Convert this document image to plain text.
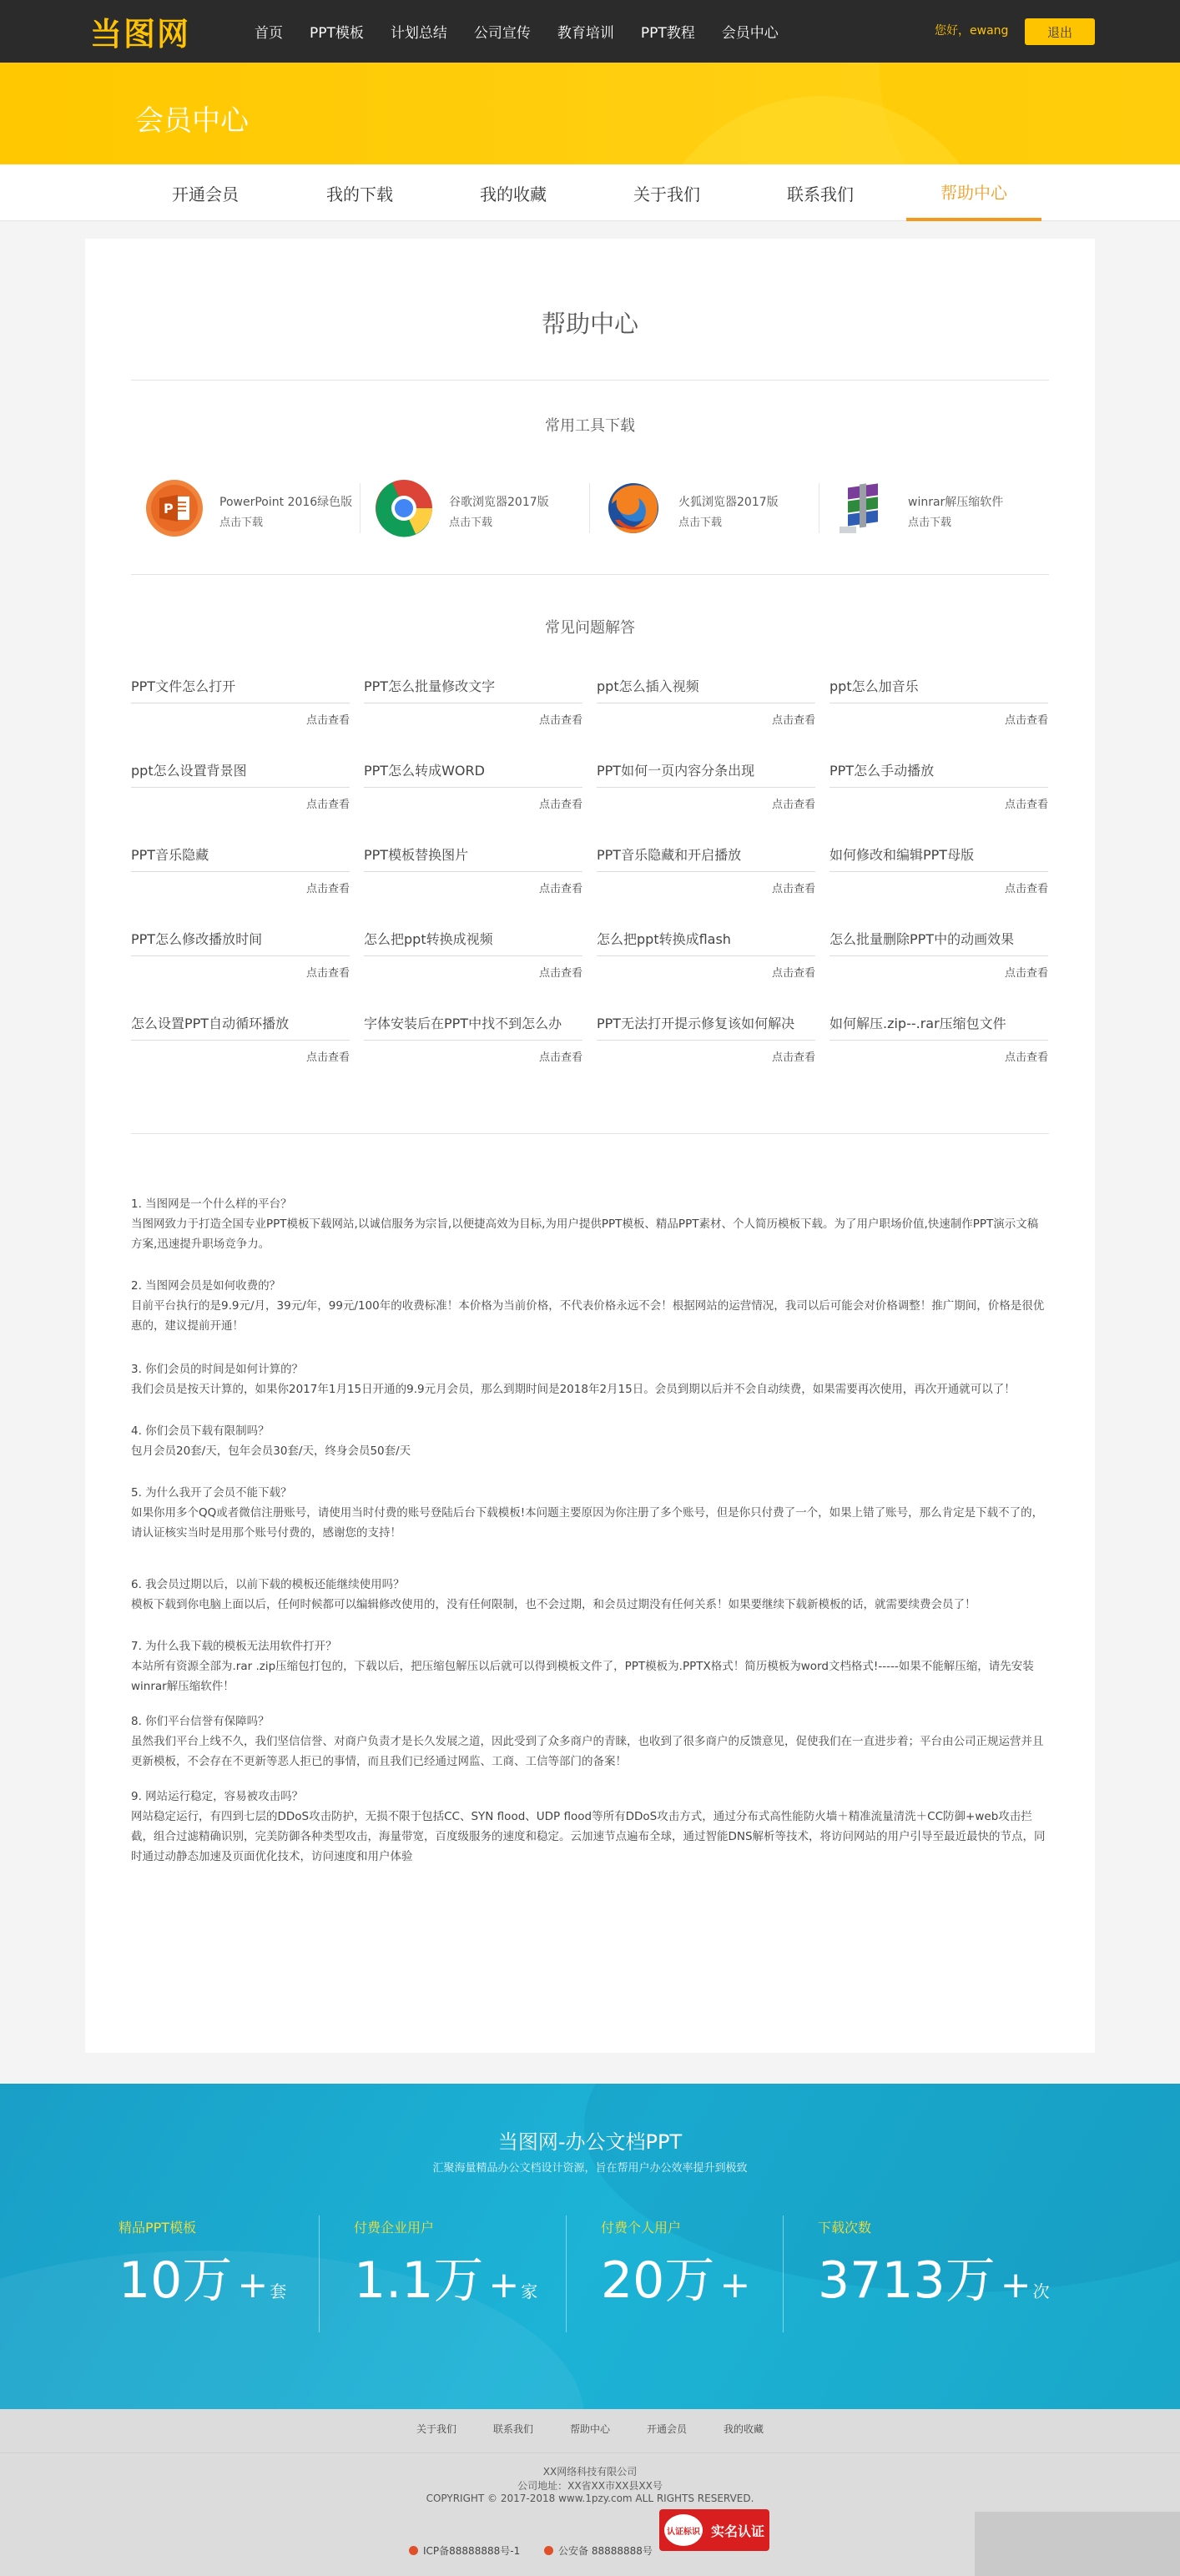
当图网	首页 PPT模板 计划总结 公司宣传 教育培训 PPT教程 会员中心	您好，ewang	退出
会员中心
开通会员	我的下载	我的收藏	关于我们	联系我们	帮助中心
帮助中心
常用工具下载
P	PowerPoint 2016绿色版
点击下载
谷歌浏览器2017版
点击下载
火狐浏览器2017版
点击下载
winrar解压缩软件
点击下载
常见问题解答
PPT文件怎么打开
点击查看
PPT怎么批量修改文字
点击查看
ppt怎么插入视频
点击查看
ppt怎么加音乐
点击查看
ppt怎么设置背景图
点击查看
PPT怎么转成WORD
点击查看
PPT如何一页内容分条出现
点击查看
PPT怎么手动播放
点击查看
PPT音乐隐藏
点击查看
PPT模板替换图片
点击查看
PPT音乐隐藏和开启播放
点击查看
如何修改和编辑PPT母版
点击查看
PPT怎么修改播放时间
点击查看
怎么把ppt转换成视频
点击查看
怎么把ppt转换成flash
点击查看
怎么批量删除PPT中的动画效果
点击查看
怎么设置PPT自动循环播放
点击查看
字体安装后在PPT中找不到怎么办
点击查看
PPT无法打开提示修复该如何解决
点击查看
如何解压.zip--.rar压缩包文件
点击查看
1. 当图网是一个什么样的平台？
当图网致力于打造全国专业PPT模板下载网站,以诚信服务为宗旨,以便捷高效为目标,为用户提供PPT模板、精品PPT素材、个人简历模板下载。为了用户职场价值,快速制作PPT演示文稿方案,迅速提升职场竞争力。
2. 当图网会员是如何收费的？
目前平台执行的是9.9元/月，39元/年，99元/100年的收费标准！本价格为当前价格，不代表价格永远不会！根据网站的运营情况，我司以后可能会对价格调整！推广期间，价格是很优惠的，建议提前开通！
3. 你们会员的时间是如何计算的？
我们会员是按天计算的，如果你2017年1月15日开通的9.9元月会员，那么到期时间是2018年2月15日。会员到期以后并不会自动续费，如果需要再次使用，再次开通就可以了！
4. 你们会员下载有限制吗？
包月会员20套/天，包年会员30套/天，终身会员50套/天
5. 为什么我开了会员不能下载？
如果你用多个QQ或者微信注册账号，请使用当时付费的账号登陆后台下载模板!本问题主要原因为你注册了多个账号，但是你只付费了一个，如果上错了账号，那么肯定是下载不了的，请认证核实当时是用那个账号付费的，感谢您的支持！
6. 我会员过期以后，以前下载的模板还能继续使用吗？
模板下载到你电脑上面以后，任何时候都可以编辑修改使用的，没有任何限制，也不会过期，和会员过期没有任何关系！如果要继续下载新模板的话，就需要续费会员了！
7. 为什么我下载的模板无法用软件打开？
本站所有资源全部为.rar .zip压缩包打包的，下载以后，把压缩包解压以后就可以得到模板文件了，PPT模板为.PPTX格式！简历模板为word文档格式!-----如果不能解压缩，请先安装winrar解压缩软件！
8. 你们平台信誉有保障吗？
虽然我们平台上线不久，我们坚信信誉、对商户负责才是长久发展之道，因此受到了众多商户的青睐，也收到了很多商户的反馈意见，促使我们在一直进步着；平台由公司正规运营并且更新模板，不会存在不更新等恶人拒已的事情，而且我们已经通过网监、工商、工信等部门的备案！
9. 网站运行稳定，容易被攻击吗？
网站稳定运行，有四到七层的DDoS攻击防护，无损不限于包括CC、SYN flood、UDP flood等所有DDoS攻击方式，通过分布式高性能防火墙＋精准流量清洗＋CC防御+web攻击拦截，组合过滤精确识别，完美防御各种类型攻击，海量带宽，百度级服务的速度和稳定。云加速节点遍布全球，通过智能DNS解析等技术，将访问网站的用户引导至最近最快的节点，同时通过动静态加速及页面优化技术，访问速度和用户体验
当图网-办公文档PPT
汇聚海量精品办公文档设计资源，旨在帮用户办公效率提升到极致
精品PPT模板
10万 + 套
付费企业用户
1.1万 + 家
付费个人用户
20万 +
下载次数
3713万 + 次
关于我们	联系我们	帮助中心	开通会员	我的收藏
XX网络科技有限公司
公司地址：XX省XX市XX县XX号
COPYRIGHT © 2017-2018 www.1pzy.com ALL RIGHTS RESERVED.
ICP备88888888号-1	公安备 88888888号
认证标识 实名认证
